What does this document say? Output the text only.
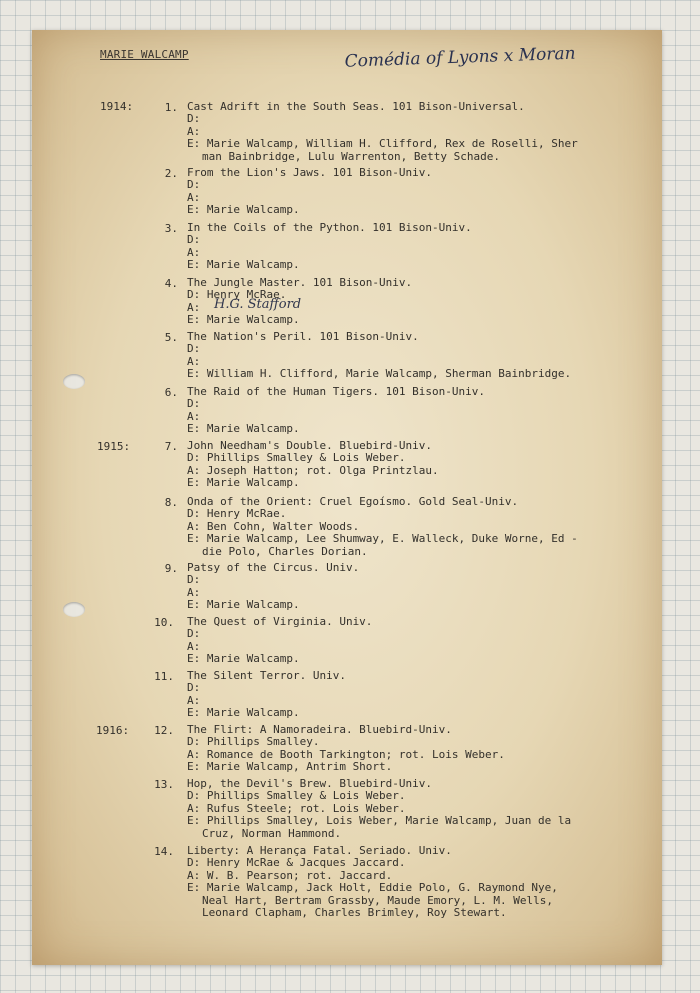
MARIE WALCAMP	Comédia of Lyons x Moran
1914:
1915:
1916:
1. Cast Adrift in the South Seas. 101 Bison-Universal.
D:
A:
E: Marie Walcamp, William H. Clifford, Rex de Roselli, Sher
man Bainbridge, Lulu Warrenton, Betty Schade.
2. From the Lion's Jaws. 101 Bison-Univ.
D:
A:
E: Marie Walcamp.
3. In the Coils of the Python. 101 Bison-Univ.
D:
A:
E: Marie Walcamp.
4. The Jungle Master. 101 Bison-Univ.
D: Henry McRae.
A:
E: Marie Walcamp.
H.G. Stafford
5. The Nation's Peril. 101 Bison-Univ.
D:
A:
E: William H. Clifford, Marie Walcamp, Sherman Bainbridge.
6. The Raid of the Human Tigers. 101 Bison-Univ.
D:
A:
E: Marie Walcamp.
7. John Needham's Double. Bluebird-Univ.
D: Phillips Smalley & Lois Weber.
A: Joseph Hatton; rot. Olga Printzlau.
E: Marie Walcamp.
8. Onda of the Orient: Cruel Egoísmo. Gold Seal-Univ.
D: Henry McRae.
A: Ben Cohn, Walter Woods.
E: Marie Walcamp, Lee Shumway, E. Walleck, Duke Worne, Ed -
die Polo, Charles Dorian.
9. Patsy of the Circus. Univ.
D:
A:
E: Marie Walcamp.
10. The Quest of Virginia. Univ.
D:
A:
E: Marie Walcamp.
11. The Silent Terror. Univ.
D:
A:
E: Marie Walcamp.
12. The Flirt: A Namoradeira. Bluebird-Univ.
D: Phillips Smalley.
A: Romance de Booth Tarkington; rot. Lois Weber.
E: Marie Walcamp, Antrim Short.
13. Hop, the Devil's Brew. Bluebird-Univ.
D: Phillips Smalley & Lois Weber.
A: Rufus Steele; rot. Lois Weber.
E: Phillips Smalley, Lois Weber, Marie Walcamp, Juan de la
Cruz, Norman Hammond.
14. Liberty: A Herança Fatal. Seriado. Univ.
D: Henry McRae & Jacques Jaccard.
A: W. B. Pearson; rot. Jaccard.
E: Marie Walcamp, Jack Holt, Eddie Polo, G. Raymond Nye,
Neal Hart, Bertram Grassby, Maude Emory, L. M. Wells,
Leonard Clapham, Charles Brimley, Roy Stewart.
